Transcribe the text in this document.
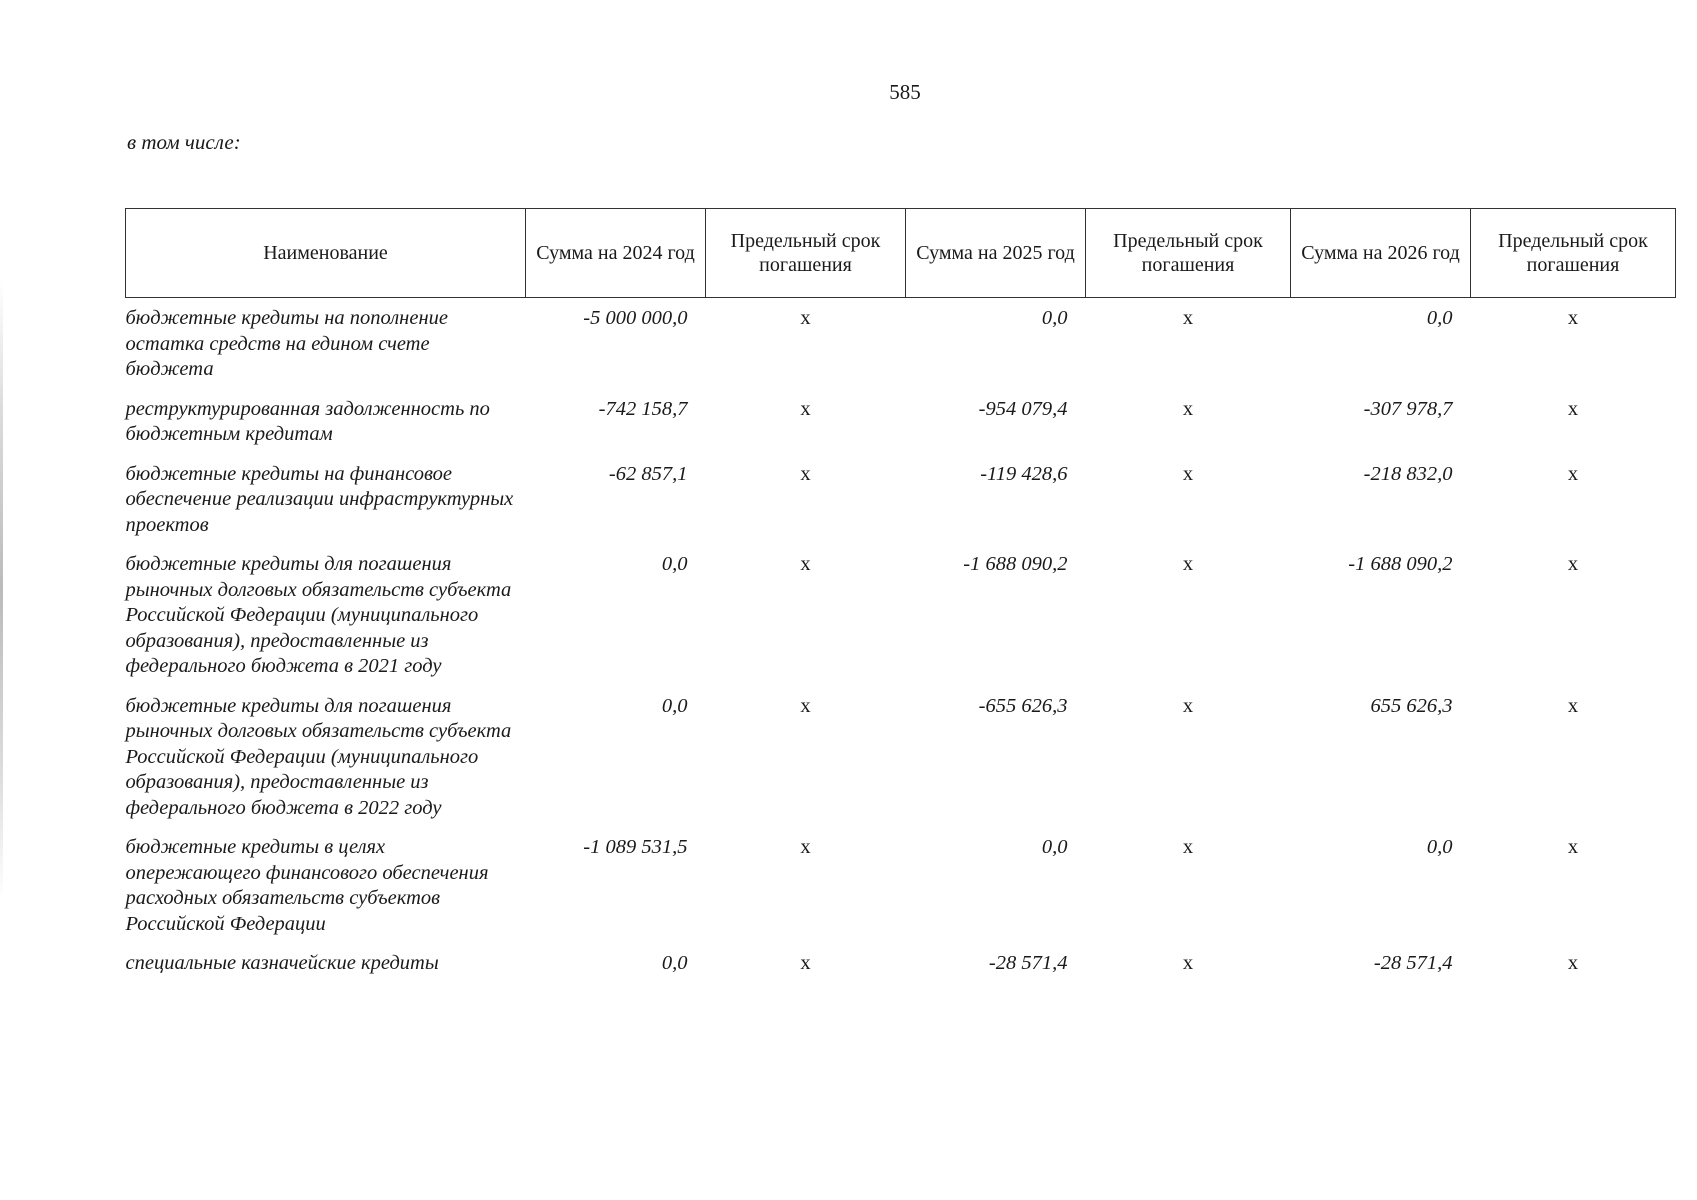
585
в том числе:
Наименование	Сумма на 2024 год	Предельный срок погашения	Сумма на 2025 год	Предельный срок погашения	Сумма на 2026 год	Предельный срок погашения
бюджетные кредиты на пополнение остатка средств на едином счете бюджета	-5 000 000,0	x	0,0	x	0,0	x
реструктурированная задолженность по бюджетным кредитам	-742 158,7	x	-954 079,4	x	-307 978,7	x
бюджетные кредиты на финансовое обеспечение реализации инфраструктурных проектов	-62 857,1	x	-119 428,6	x	-218 832,0	x
бюджетные кредиты для погашения рыночных долговых обязательств субъекта Российской Федерации (муниципального образования), предоставленные из федерального бюджета в 2021 году	0,0	x	-1 688 090,2	x	-1 688 090,2	x
бюджетные кредиты для погашения рыночных долговых обязательств субъекта Российской Федерации (муниципального образования), предоставленные из федерального бюджета в 2022 году	0,0	x	-655 626,3	x	655 626,3	x
бюджетные кредиты в целях опережающего финансового обеспечения расходных обязательств субъектов Российской Федерации	-1 089 531,5	x	0,0	x	0,0	x
специальные казначейские кредиты	0,0	x	-28 571,4	x	-28 571,4	x
